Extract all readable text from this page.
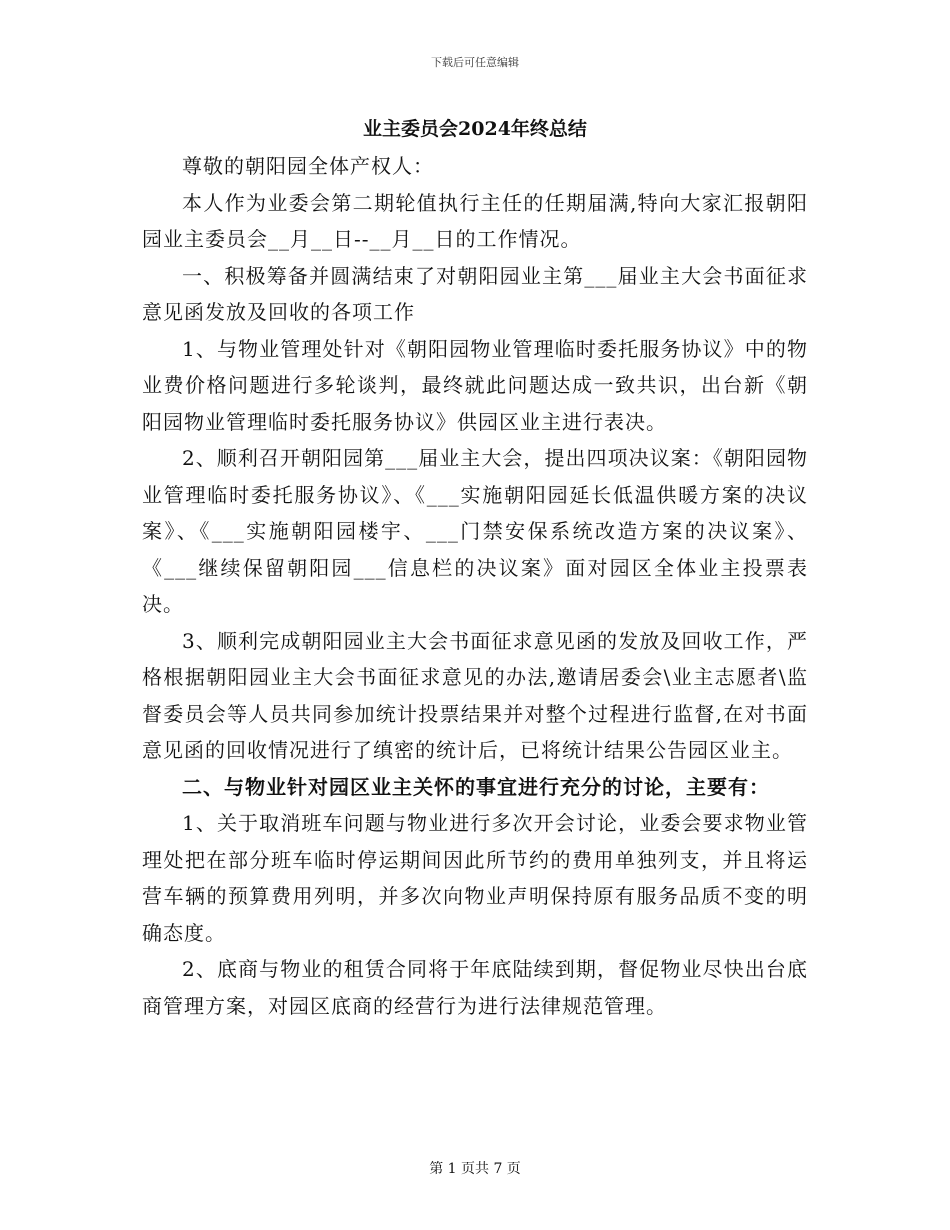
下载后可任意编辑
业主委员会2024年终总结

尊敬的朝阳园全体产权人：

本人作为业委会第二期轮值执行主任的任期届满,特向大家汇报朝阳园业主委员会__月__日--__月__日的工作情况。

一、积极筹备并圆满结束了对朝阳园业主第___届业主大会书面征求意见函发放及回收的各项工作

1、与物业管理处针对《朝阳园物业管理临时委托服务协议》中的物业费价格问题进行多轮谈判，最终就此问题达成一致共识，出台新《朝阳园物业管理临时委托服务协议》供园区业主进行表决。

2、顺利召开朝阳园第___届业主大会，提出四项决议案：《朝阳园物业管理临时委托服务协议》、《___实施朝阳园延长低温供暖方案的决议案》、《___实施朝阳园楼宇、___门禁安保系统改造方案的决议案》、《___继续保留朝阳园___信息栏的决议案》面对园区全体业主投票表决。

3、顺利完成朝阳园业主大会书面征求意见函的发放及回收工作，严格根据朝阳园业主大会书面征求意见的办法,邀请居委会\业主志愿者\监督委员会等人员共同参加统计投票结果并对整个过程进行监督,在对书面意见函的回收情况进行了缜密的统计后，已将统计结果公告园区业主。

二、与物业针对园区业主关怀的事宜进行充分的讨论，主要有：

1、关于取消班车问题与物业进行多次开会讨论，业委会要求物业管理处把在部分班车临时停运期间因此所节约的费用单独列支，并且将运营车辆的预算费用列明，并多次向物业声明保持原有服务品质不变的明确态度。

2、底商与物业的租赁合同将于年底陆续到期，督促物业尽快出台底商管理方案，对园区底商的经营行为进行法律规范管理。

第 1 页共 7 页
